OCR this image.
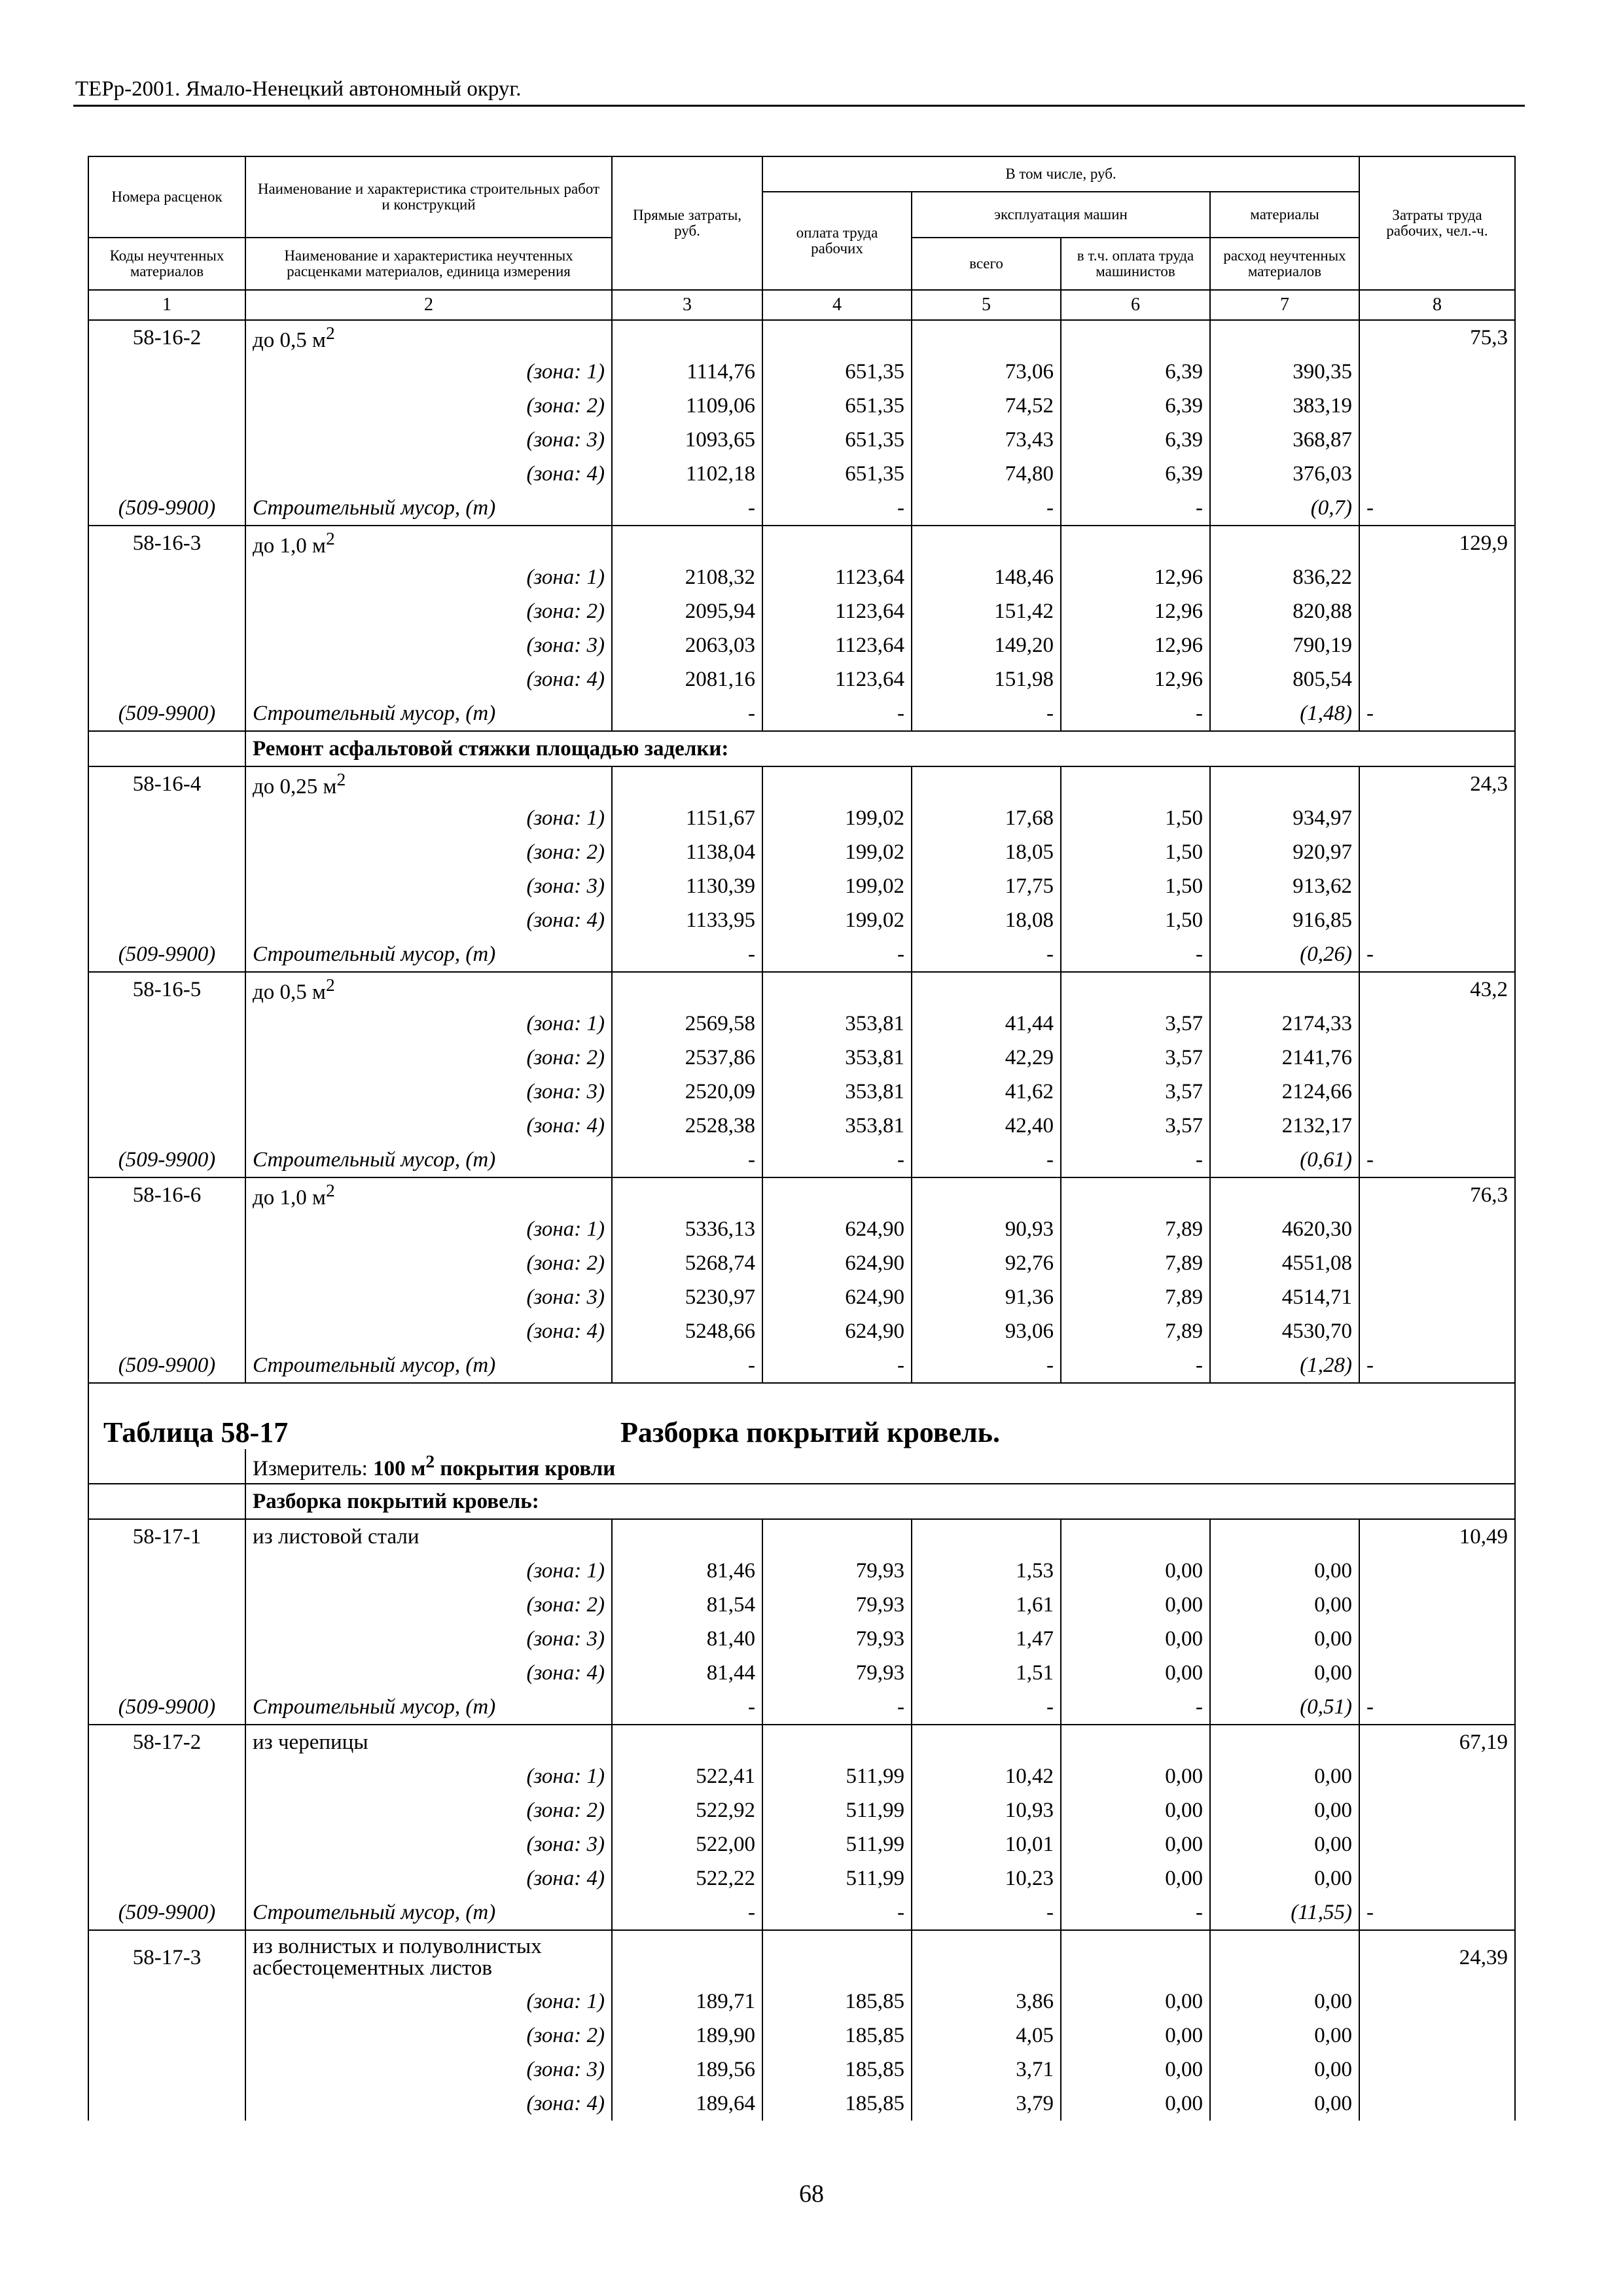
ТЕРр-2001. Ямало-Ненецкий автономный округ.
Номера расценок	Наименование и характеристика строительных работ и конструкций	Прямые затраты, руб.	В том числе, руб.				Затраты труда рабочих, чел.-ч.
			оплата труда рабочих	эксплуатация машин		материалы	
Коды неучтенных материалов	Наименование и характеристика неучтенных расценками материалов, единица измерения			всего	в т.ч. оплата труда машинистов	расход неучтенных материалов	

1	2	3	4	5	6	7	8
58-16-2	до 0,5 $м^2$						75,3
	(зона: 1)	1114,76	651,35	73,06	6,39	390,35	
	(зона: 2)	1109,06	651,35	74,52	6,39	383,19	
	(зона: 3)	1093,65	651,35	73,43	6,39	368,87	
	(зона: 4)	1102,18	651,35	74,80	6,39	376,03	
(509-9900)	Строительный мусор, (т)	-	-	-	-	(0,7)	-
58-16-3	до 1,0 $м^2$						129,9
	(зона: 1)	2108,32	1123,64	148,46	12,96	836,22	
	(зона: 2)	2095,94	1123,64	151,42	12,96	820,88	
	(зона: 3)	2063,03	1123,64	149,20	12,96	790,19	
	(зона: 4)	2081,16	1123,64	151,98	12,96	805,54	
(509-9900)	Строительный мусор, (т)	-	-	-	-	(1,48)	-
	Ремонт асфальтовой стяжки площадью заделки:						
58-16-4	до 0,25 $м^2$						24,3
	(зона: 1)	1151,67	199,02	17,68	1,50	934,97	
	(зона: 2)	1138,04	199,02	18,05	1,50	920,97	
	(зона: 3)	1130,39	199,02	17,75	1,50	913,62	
	(зона: 4)	1133,95	199,02	18,08	1,50	916,85	
(509-9900)	Строительный мусор, (т)	-	-	-	-	(0,26)	-
58-16-5	до 0,5 $м^2$						43,2
	(зона: 1)	2569,58	353,81	41,44	3,57	2174,33	
	(зона: 2)	2537,86	353,81	42,29	3,57	2141,76	
	(зона: 3)	2520,09	353,81	41,62	3,57	2124,66	
	(зона: 4)	2528,38	353,81	42,40	3,57	2132,17	
(509-9900)	Строительный мусор, (т)	-	-	-	-	(0,61)	-
58-16-6	до 1,0 $м^2$						76,3
	(зона: 1)	5336,13	624,90	90,93	7,89	4620,30	
	(зона: 2)	5268,74	624,90	92,76	7,89	4551,08	
	(зона: 3)	5230,97	624,90	91,36	7,89	4514,71	
	(зона: 4)	5248,66	624,90	93,06	7,89	4530,70	
(509-9900)	Строительный мусор, (т)	-	-	-	-	(1,28)	-
Таблица 58-17 Разборка покрытий кровель.							
	Измеритель: 100 $м^2$ покрытия кровли						
	Разборка покрытий кровель:						
58-17-1	из листовой стали						10,49
	(зона: 1)	81,46	79,93	1,53	0,00	0,00	
	(зона: 2)	81,54	79,93	1,61	0,00	0,00	
	(зона: 3)	81,40	79,93	1,47	0,00	0,00	
	(зона: 4)	81,44	79,93	1,51	0,00	0,00	
(509-9900)	Строительный мусор, (т)	-	-	-	-	(0,51)	-
58-17-2	из черепицы						67,19
	(зона: 1)	522,41	511,99	10,42	0,00	0,00	
	(зона: 2)	522,92	511,99	10,93	0,00	0,00	
	(зона: 3)	522,00	511,99	10,01	0,00	0,00	
	(зона: 4)	522,22	511,99	10,23	0,00	0,00	
(509-9900)	Строительный мусор, (т)	-	-	-	-	(11,55)	-
58-17-3	из волнистых и полуволнистых асбестоцементных листов						24,39
	(зона: 1)	189,71	185,85	3,86	0,00	0,00	
	(зона: 2)	189,90	185,85	4,05	0,00	0,00	
	(зона: 3)	189,56	185,85	3,71	0,00	0,00	
	(зона: 4)	189,64	185,85	3,79	0,00	0,00	
68
